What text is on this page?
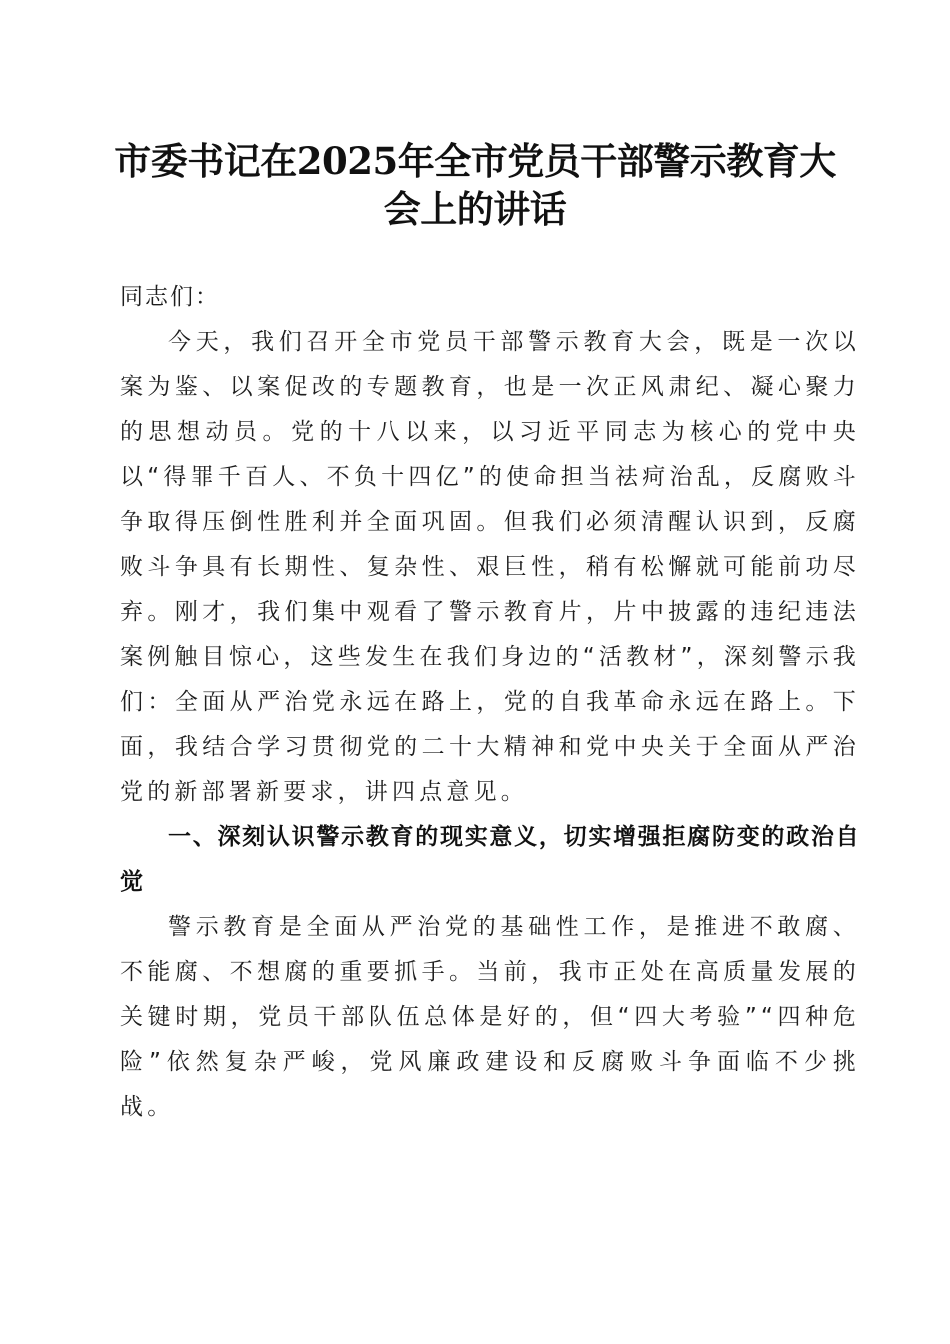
市委书记在2025年全市党员干部警示教育大会上的讲话

同志们：

今天，我们召开全市党员干部警示教育大会，既是一次以案为鉴、以案促改的专题教育，也是一次正风肃纪、凝心聚力的思想动员。党的十八以来，以习近平同志为核心的党中央以“得罪千百人、不负十四亿”的使命担当祛疴治乱，反腐败斗争取得压倒性胜利并全面巩固。但我们必须清醒认识到，反腐败斗争具有长期性、复杂性、艰巨性，稍有松懈就可能前功尽弃。刚才，我们集中观看了警示教育片，片中披露的违纪违法案例触目惊心，这些发生在我们身边的“活教材”，深刻警示我们：全面从严治党永远在路上，党的自我革命永远在路上。下面，我结合学习贯彻党的二十大精神和党中央关于全面从严治党的新部署新要求，讲四点意见。

一、深刻认识警示教育的现实意义，切实增强拒腐防变的政治自觉

警示教育是全面从严治党的基础性工作，是推进不敢腐、不能腐、不想腐的重要抓手。当前，我市正处在高质量发展的关键时期，党员干部队伍总体是好的，但“四大考验”“四种危险”依然复杂严峻，党风廉政建设和反腐败斗争面临不少挑战。
